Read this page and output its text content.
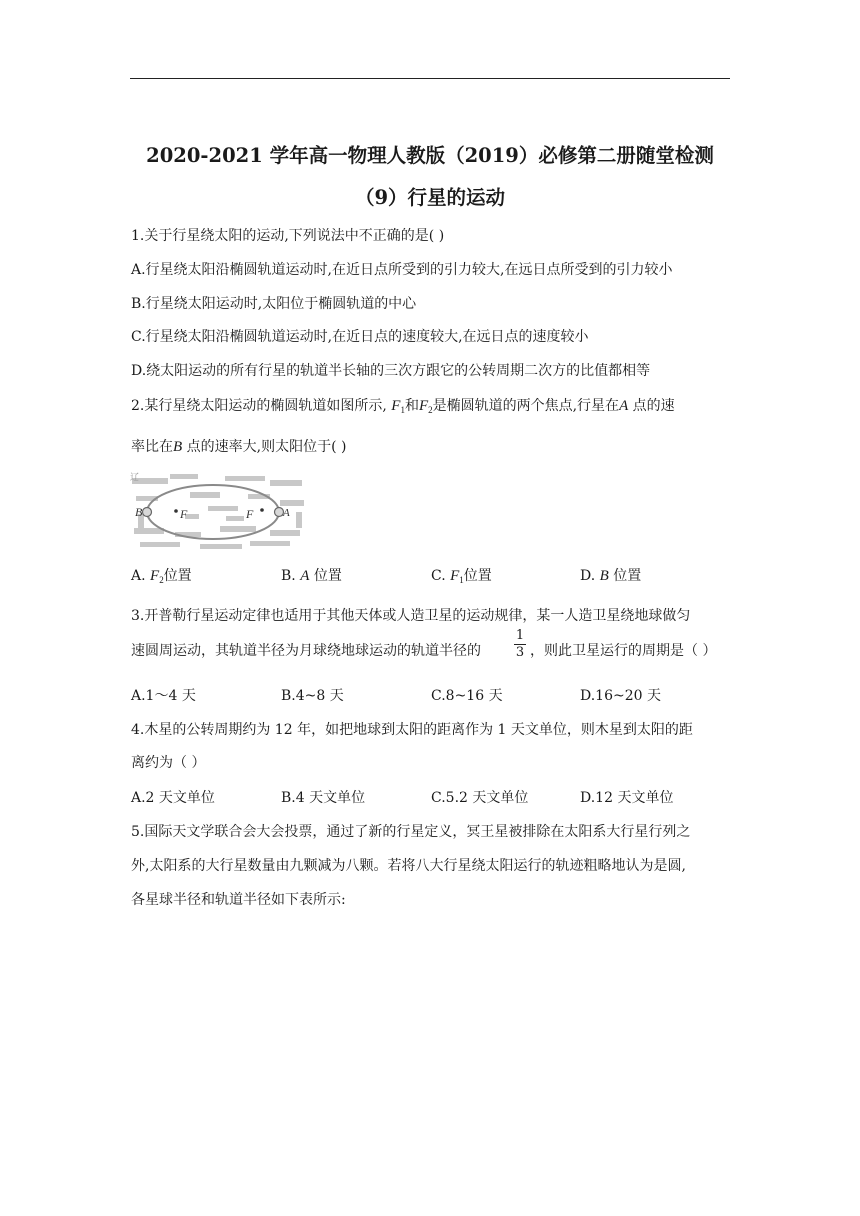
2020-2021 学年高一物理人教版（2019）必修第二册随堂检测
（9）行星的运动
1.关于行星绕太阳的运动,下列说法中不正确的是( )
A.行星绕太阳沿椭圆轨道运动时,在近日点所受到的引力较大,在远日点所受到的引力较小
B.行星绕太阳运动时,太阳位于椭圆轨道的中心
C.行星绕太阳沿椭圆轨道运动时,在近日点的速度较大,在远日点的速度较小
D.绕太阳运动的所有行星的轨道半长轴的三次方跟它的公转周期二次方的比值都相等
2.某行星绕太阳运动的椭圆轨道如图所示, $F_1$和$F_2$是椭圆轨道的两个焦点,行星在A 点的速
率比在B 点的速率大,则太阳位于( )
辽
B	F	F	A
A. $F_2$位置	B. A 位置	C. $F_1$位置	D. B 位置
3.开普勒行星运动定律也适用于其他天体或人造卫星的运动规律，某一人造卫星绕地球做匀
速圆周运动，其轨道半径为月球绕地球运动的轨道半径的
1
3 ，则此卫星运行的周期是（ ）
A.1～4 天	B.4~8 天	C.8~16 天	D.16~20 天
4.木星的公转周期约为 12 年，如把地球到太阳的距离作为 1 天文单位，则木星到太阳的距
离约为（ ）
A.2 天文单位	B.4 天文单位	C.5.2 天文单位	D.12 天文单位
5.国际天文学联合会大会投票，通过了新的行星定义，冥王星被排除在太阳系大行星行列之
外,太阳系的大行星数量由九颗减为八颗。若将八大行星绕太阳运行的轨迹粗略地认为是圆,
各星球半径和轨道半径如下表所示:
